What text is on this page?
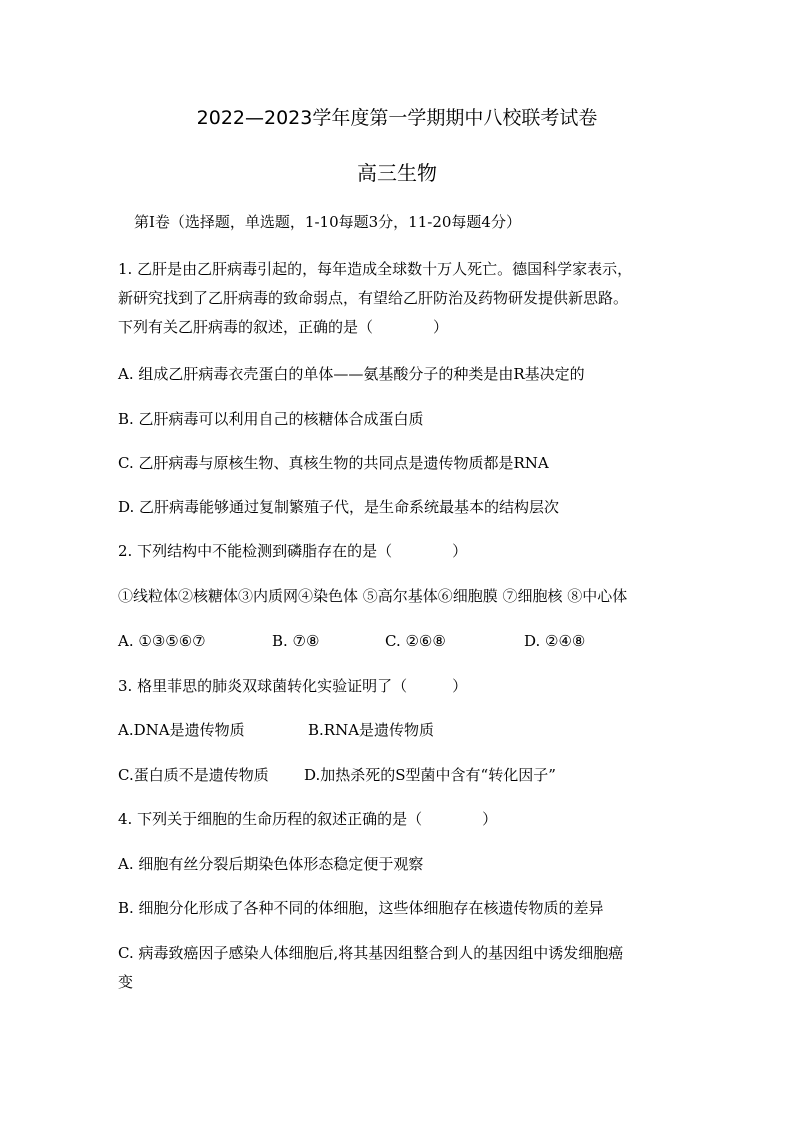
2022—2023学年度第一学期期中八校联考试卷
高三生物
第Ⅰ卷（选择题，单选题，1-10每题3分，11-20每题4分）
1. 乙肝是由乙肝病毒引起的，每年造成全球数十万人死亡。德国科学家表示，
新研究找到了乙肝病毒的致命弱点，有望给乙肝防治及药物研发提供新思路。
下列有关乙肝病毒的叙述，正确的是（　　　　）
A. 组成乙肝病毒衣壳蛋白的单体——氨基酸分子的种类是由R基决定的
B. 乙肝病毒可以利用自己的核糖体合成蛋白质
C. 乙肝病毒与原核生物、真核生物的共同点是遗传物质都是RNA
D. 乙肝病毒能够通过复制繁殖子代，是生命系统最基本的结构层次
2. 下列结构中不能检测到磷脂存在的是（　　　　）
①线粒体②核糖体③内质网④染色体 ⑤高尔基体⑥细胞膜 ⑦细胞核 ⑧中心体
A. ①③⑤⑥⑦	B. ⑦⑧	C. ②⑥⑧	D. ②④⑧
3. 格里菲思的肺炎双球菌转化实验证明了（　　　）
A.DNA是遗传物质	B.RNA是遗传物质
C.蛋白质不是遗传物质 D.加热杀死的S型菌中含有“转化因子”
4. 下列关于细胞的生命历程的叙述正确的是（　　　　）
A. 细胞有丝分裂后期染色体形态稳定便于观察
B. 细胞分化形成了各种不同的体细胞，这些体细胞存在核遗传物质的差异
C. 病毒致癌因子感染人体细胞后,将其基因组整合到人的基因组中诱发细胞癌
变
